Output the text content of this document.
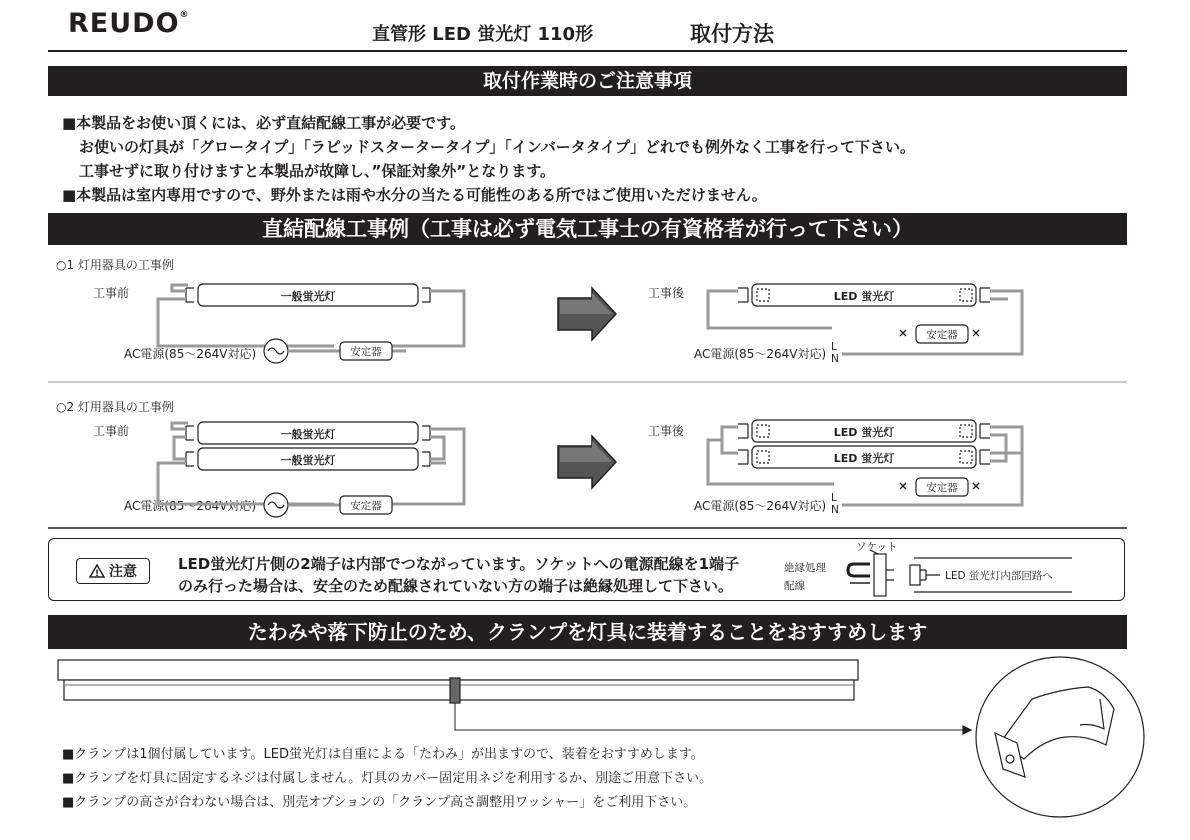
REUDO®
直管形 LED 蛍光灯 110形	取付方法
取付作業時のご注意事項
■本製品をお使い頂くには、必ず直結配線工事が必要です。
お使いの灯具が「グロータイプ」「ラピッドスタータータイプ」「インバータタイプ」どれでも例外なく工事を行って下さい。
工事せずに取り付けますと本製品が故障し、”保証対象外”となります。
■本製品は室内専用ですので、野外または雨や水分の当たる可能性のある所ではご使用いただけません。
直結配線工事例（工事は必ず電気工事士の有資格者が行って下さい）
○1 灯用器具の工事例
工事前	工事後
AC電源(85～264V対応)	AC電源(85～264V対応)
○2 灯用器具の工事例
工事前	工事後
AC電源(85～264V対応)	AC電源(85～264V対応)
一般蛍光灯	LED 蛍光灯
安定器
安定器
L
N
一般蛍光灯
一般蛍光灯
LED 蛍光灯
LED 蛍光灯
安定器
安定器
L
N
! 注意	LED蛍光灯片側の2端子は内部でつながっています。ソケットへの電源配線を1端子
のみ行った場合は、安全のため配線されていない方の端子は絶縁処理して下さい。
ソケット
絶縁処理
配線
LED 蛍光灯内部回路へ
たわみや落下防止のため、クランプを灯具に装着することをおすすめします
■クランプは1個付属しています。LED蛍光灯は自重による「たわみ」が出ますので、装着をおすすめします。
■クランプを灯具に固定するネジは付属しません。灯具のカバー固定用ネジを利用するか、別途ご用意下さい。
■クランプの高さが合わない場合は、別売オプションの「クランプ高さ調整用ワッシャー」をご利用下さい。
